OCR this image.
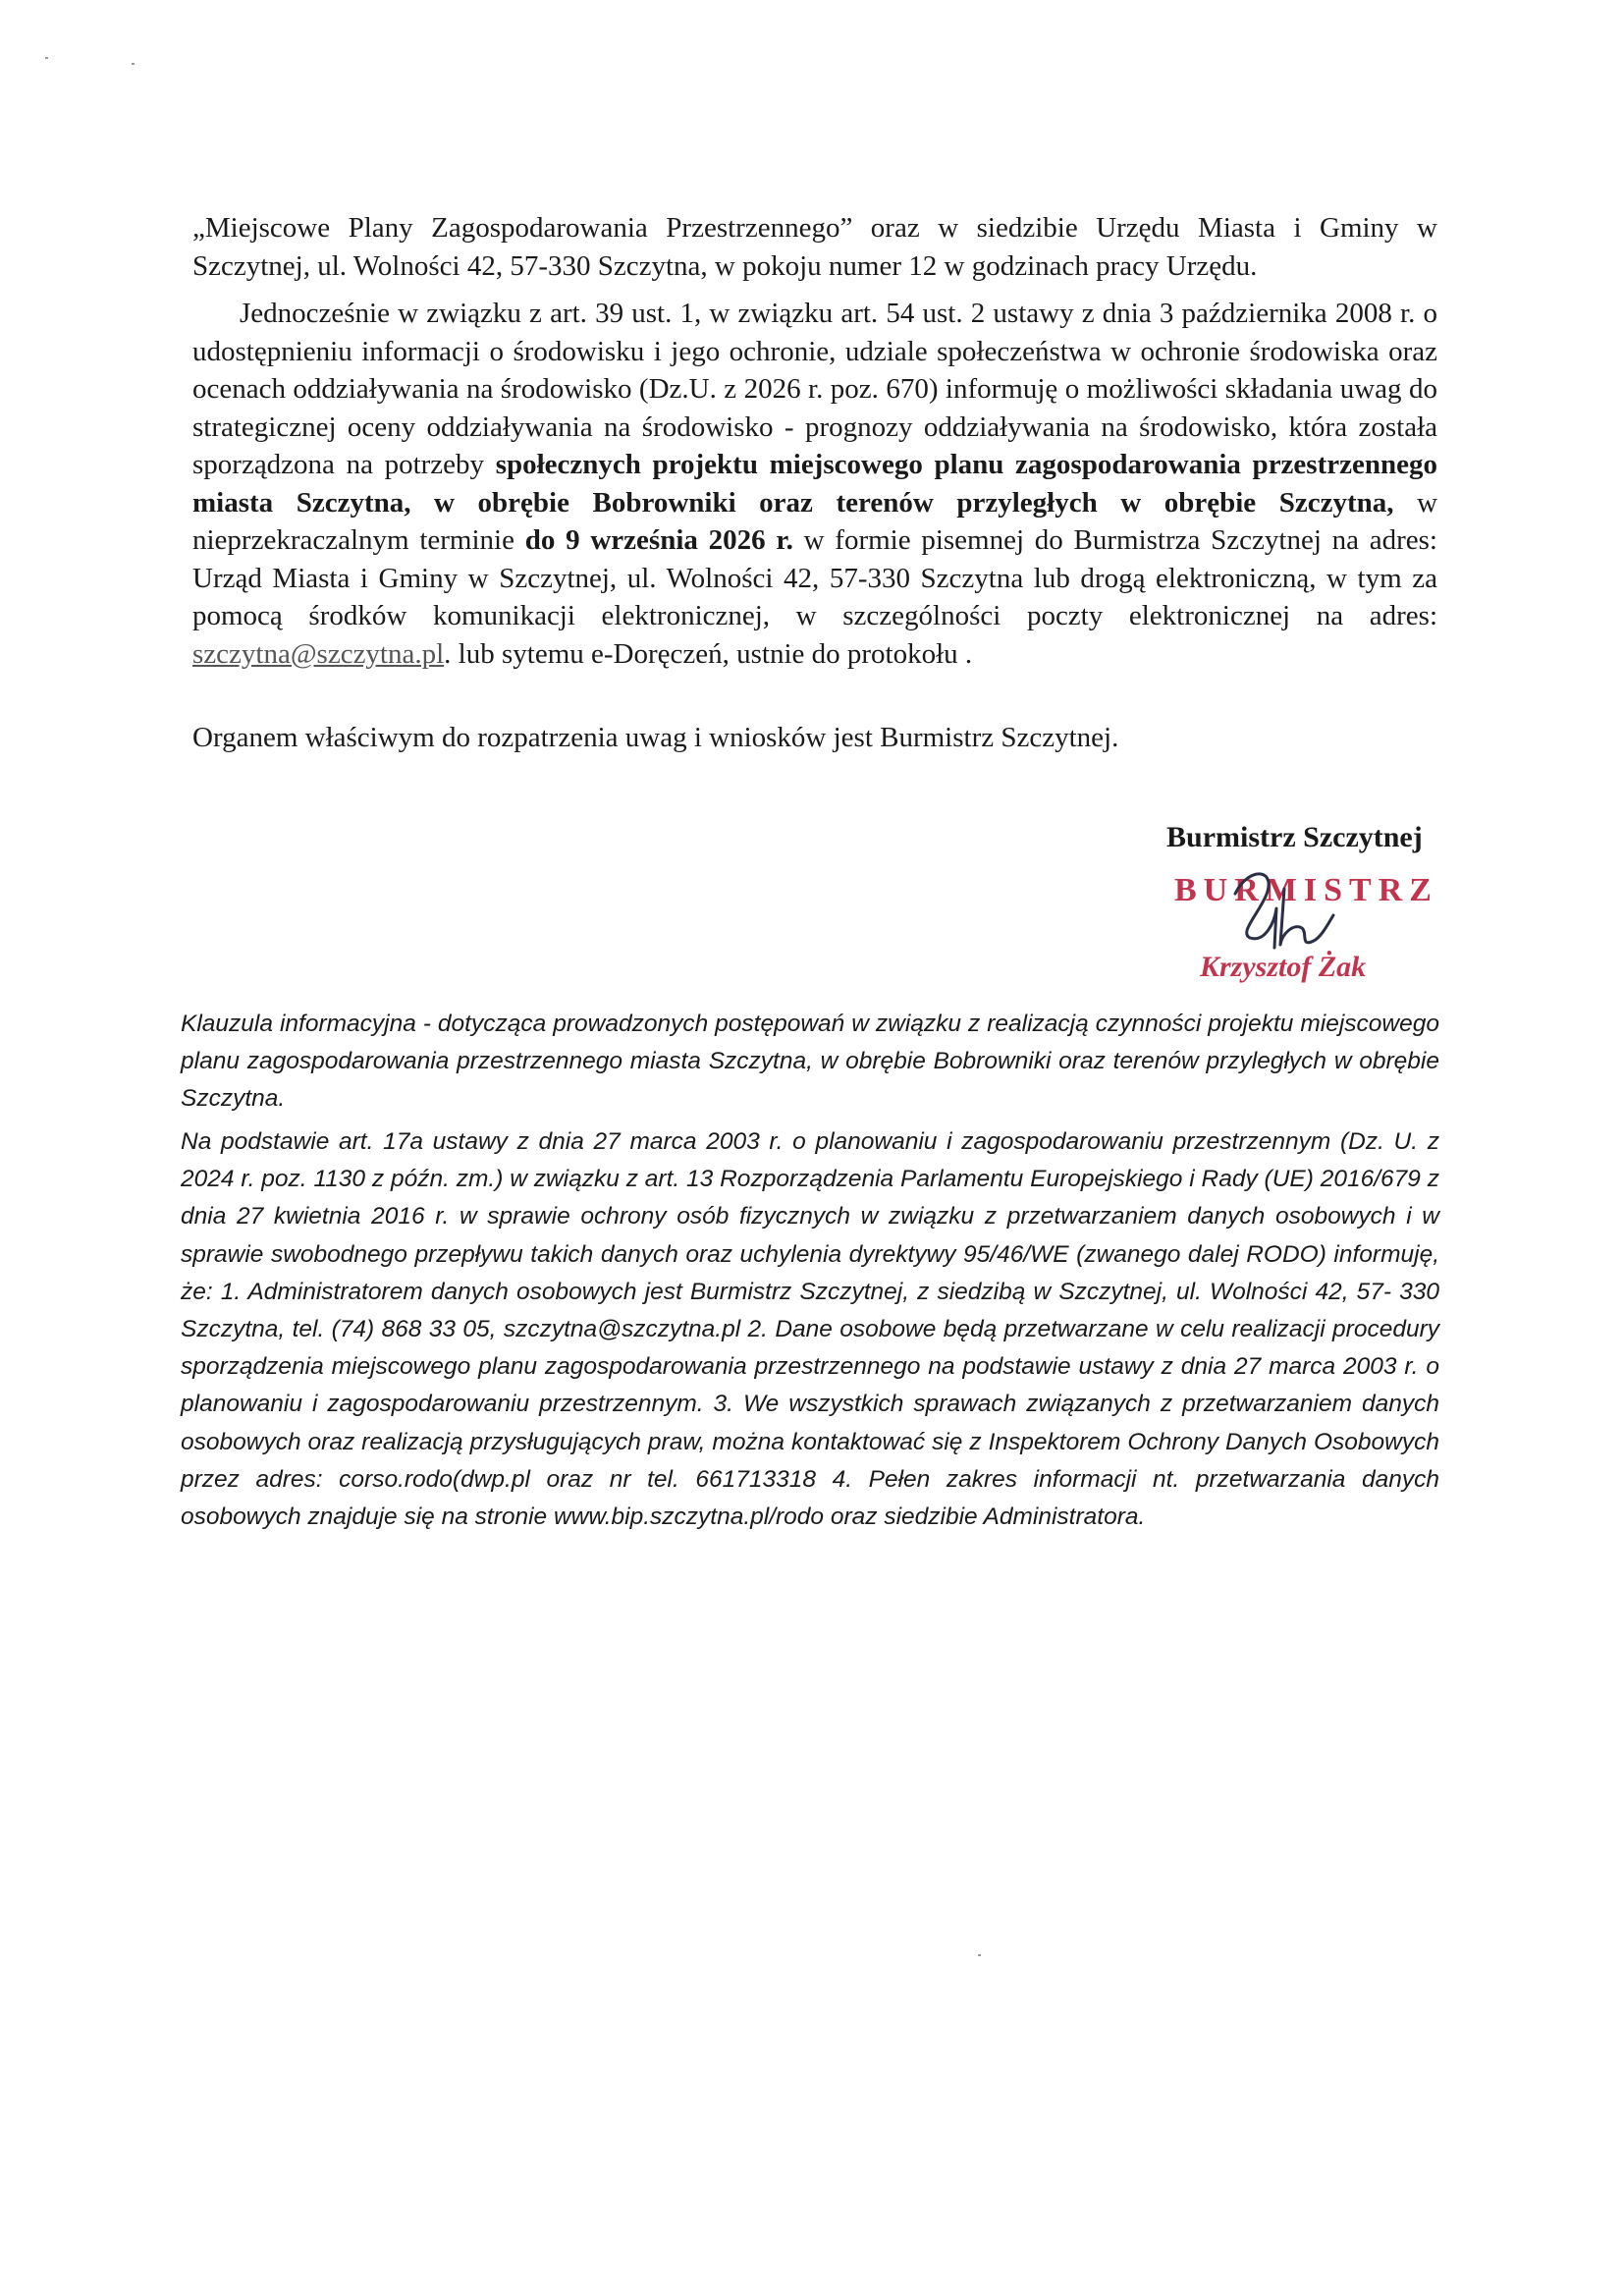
„Miejscowe Plany Zagospodarowania Przestrzennego” oraz w siedzibie Urzędu Miasta i Gminy w Szczytnej, ul. Wolności 42, 57-330 Szczytna, w pokoju numer 12 w godzinach pracy Urzędu.

Jednocześnie w związku z art. 39 ust. 1, w związku art. 54 ust. 2 ustawy z dnia 3 października 2008 r. o udostępnieniu informacji o środowisku i jego ochronie, udziale społeczeństwa w ochronie środowiska oraz ocenach oddziaływania na środowisko (Dz.U. z 2026 r. poz. 670) informuję o możliwości składania uwag do strategicznej oceny oddziaływania na środowisko - prognozy oddziaływania na środowisko, która została sporządzona na potrzeby społecznych projektu miejscowego planu zagospodarowania przestrzennego miasta Szczytna, w obrębie Bobrowniki oraz terenów przyległych w obrębie Szczytna, w nieprzekraczalnym terminie do 9 września 2026 r. w formie pisemnej do Burmistrza Szczytnej na adres: Urząd Miasta i Gminy w Szczytnej, ul. Wolności 42, 57-330 Szczytna lub drogą elektroniczną, w tym za pomocą środków komunikacji elektronicznej, w szczególności poczty elektronicznej na adres: szczytna@szczytna.pl. lub sytemu e-Doręczeń, ustnie do protokołu .

Organem właściwym do rozpatrzenia uwag i wniosków jest Burmistrz Szczytnej.

Burmistrz Szczytnej
BURMISTRZ
Krzysztof Żak

Klauzula informacyjna - dotycząca prowadzonych postępowań w związku z realizacją czynności projektu miejscowego planu zagospodarowania przestrzennego miasta Szczytna, w obrębie Bobrowniki oraz terenów przyległych w obrębie Szczytna.

Na podstawie art. 17a ustawy z dnia 27 marca 2003 r. o planowaniu i zagospodarowaniu przestrzennym (Dz. U. z 2024 r. poz. 1130 z późn. zm.) w związku z art. 13 Rozporządzenia Parlamentu Europejskiego i Rady (UE) 2016/679 z dnia 27 kwietnia 2016 r. w sprawie ochrony osób fizycznych w związku z przetwarzaniem danych osobowych i w sprawie swobodnego przepływu takich danych oraz uchylenia dyrektywy 95/46/WE (zwanego dalej RODO) informuję, że: 1. Administratorem danych osobowych jest Burmistrz Szczytnej, z siedzibą w Szczytnej, ul. Wolności 42, 57- 330 Szczytna, tel. (74) 868 33 05, szczytna@szczytna.pl 2. Dane osobowe będą przetwarzane w celu realizacji procedury sporządzenia miejscowego planu zagospodarowania przestrzennego na podstawie ustawy z dnia 27 marca 2003 r. o planowaniu i zagospodarowaniu przestrzennym. 3. We wszystkich sprawach związanych z przetwarzaniem danych osobowych oraz realizacją przysługujących praw, można kontaktować się z Inspektorem Ochrony Danych Osobowych przez adres: corso.rodo(dwp.pl oraz nr tel. 661713318 4. Pełen zakres informacji nt. przetwarzania danych osobowych znajduje się na stronie www.bip.szczytna.pl/rodo oraz siedzibie Administratora.
